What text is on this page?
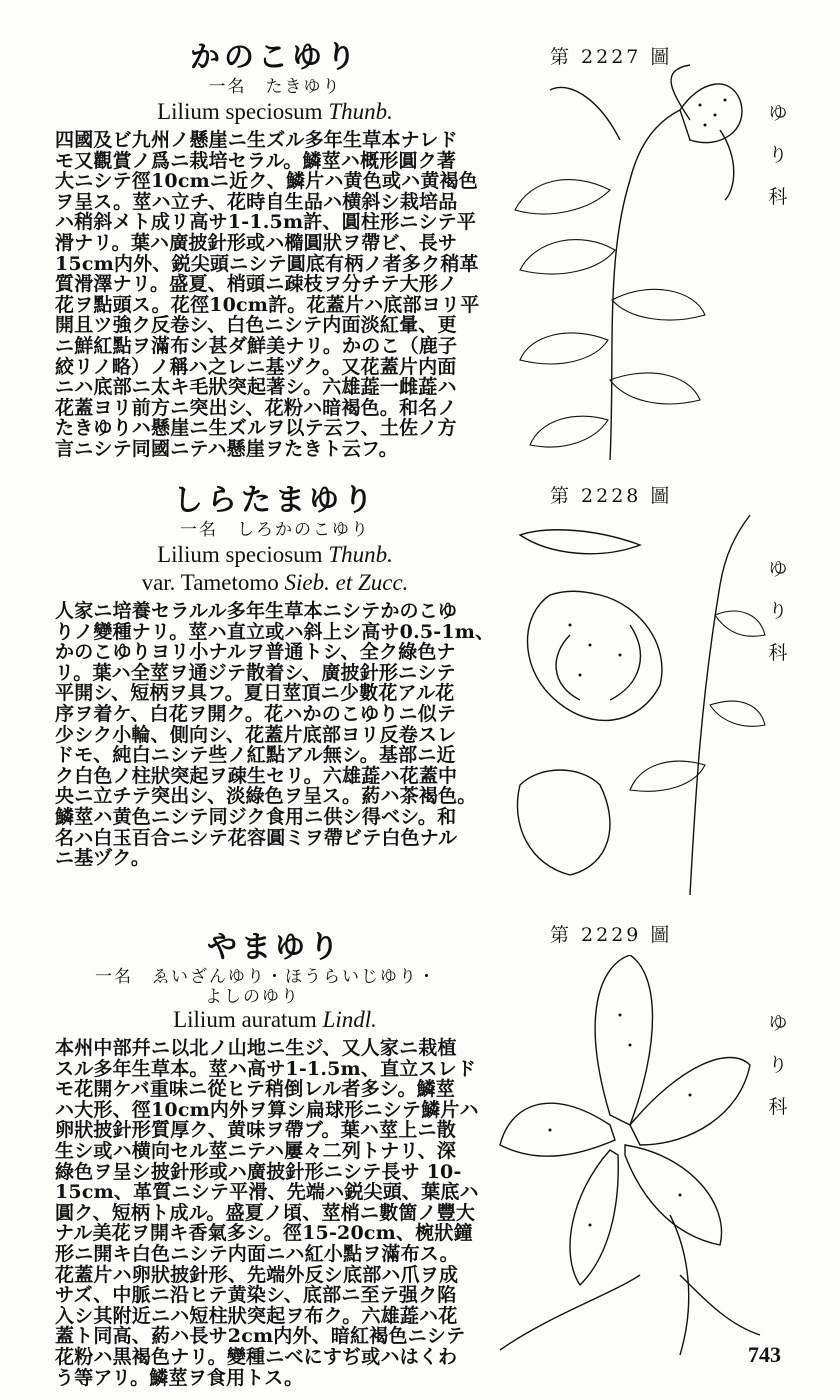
かのこゆり
一名　たきゆり
Lilium speciosum Thunb.
四國及ビ九州ノ懸崖ニ生ズル多年生草本ナレド
モ又觀賞ノ爲ニ栽培セラル。鱗莖ハ概形圓ク著
大ニシテ徑10cmニ近ク、鱗片ハ黄色或ハ黄褐色
ヲ呈ス。莖ハ立チ、花時自生品ハ横斜シ栽培品
ハ稍斜メト成リ高サ1-1.5m許、圓柱形ニシテ平
滑ナリ。葉ハ廣披針形或ハ橢圓狀ヲ帶ビ、長サ
15cm内外、鋭尖頭ニシテ圓底有柄ノ者多ク稍革
質滑澤ナリ。盛夏、梢頭ニ疎枝ヲ分チテ大形ノ
花ヲ點頭ス。花徑10cm許。花蓋片ハ底部ヨリ平
開且ツ強ク反卷シ、白色ニシテ内面淡紅暈、更
ニ鮮紅點ヲ滿布シ甚ダ鮮美ナリ。かのこ（鹿子
絞リノ略）ノ稱ハ之レニ基ヅク。又花蓋片内面
ニハ底部ニ太キ毛狀突起著シ。六雄蕋一雌蕋ハ
花蓋ヨリ前方ニ突出シ、花粉ハ暗褐色。和名ノ
たきゆりハ懸崖ニ生ズルヲ以テ云フ、土佐ノ方
言ニシテ同國ニテハ懸崖ヲたきト云フ。
しらたまゆり
一名　しろかのこゆり
Lilium speciosum Thunb.
var. Tametomo Sieb. et Zucc.
人家ニ培養セラルル多年生草本ニシテかのこゆ
りノ變種ナリ。莖ハ直立或ハ斜上シ高サ0.5-1m、
かのこゆりヨリ小ナルヲ普通トシ、全ク綠色ナ
リ。葉ハ全莖ヲ通ジテ散着シ、廣披針形ニシテ
平開シ、短柄ヲ具フ。夏日莖頂ニ少數花アル花
序ヲ着ケ、白花ヲ開ク。花ハかのこゆりニ似テ
少シク小輪、側向シ、花蓋片底部ヨリ反卷スレ
ドモ、純白ニシテ些ノ紅點アル無シ。基部ニ近
ク白色ノ柱狀突起ヲ疎生セリ。六雄蕋ハ花蓋中
央ニ立チテ突出シ、淡綠色ヲ呈ス。葯ハ茶褐色。
鱗莖ハ黄色ニシテ同ジク食用ニ供シ得ベシ。和
名ハ白玉百合ニシテ花容圓ミヲ帶ビテ白色ナル
ニ基ヅク。
やまゆり
一名　ゑいざんゆり・ほうらいじゆり・
よしのゆり
Lilium auratum Lindl.
本州中部幷ニ以北ノ山地ニ生ジ、又人家ニ栽植
スル多年生草本。莖ハ高サ1-1.5m、直立スレド
モ花開ケバ重味ニ從ヒテ稍倒レル者多シ。鱗莖
ハ大形、徑10cm内外ヲ算シ扁球形ニシテ鱗片ハ
卵狀披針形質厚ク、黄味ヲ帶ブ。葉ハ莖上ニ散
生シ或ハ横向セル莖ニテハ屢々二列トナリ、深
綠色ヲ呈シ披針形或ハ廣披針形ニシテ長サ 10-
15cm、革質ニシテ平滑、先端ハ鋭尖頭、葉底ハ
圓ク、短柄ト成ル。盛夏ノ頃、莖梢ニ數箇ノ豐大
ナル美花ヲ開キ香氣多シ。徑15-20cm、椀狀鐘
形ニ開キ白色ニシテ内面ニハ紅小點ヲ滿布ス。
花蓋片ハ卵狀披針形、先端外反シ底部ハ爪ヲ成
サズ、中脈ニ沿ヒテ黄染シ、底部ニ至テ强ク陷
入シ其附近ニハ短柱狀突起ヲ布ク。六雄蕋ハ花
蓋ト同高、葯ハ長サ2cm内外、暗紅褐色ニシテ
花粉ハ黒褐色ナリ。變種ニべにすぢ或ハはくわ
う等アリ。鱗莖ヲ食用トス。
第 2227 圖
第 2228 圖
第 2229 圖
ゆ
り
科
ゆ
り
科
ゆ
り
科
743
